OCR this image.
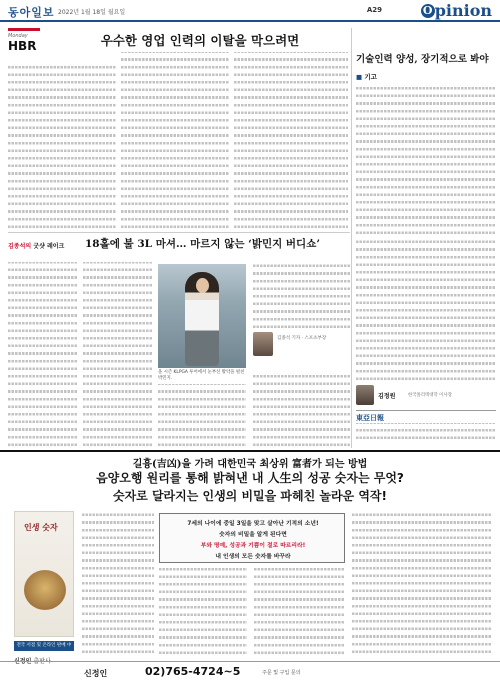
동아일보 2022년 1월 18일 월요일	A29	O pinion
Monday
HBR	우수한 영업 인력의 이탈을 막으려면
기술인력 양성, 장기적으로 봐야
■ 기고
김정원	한국폴리텍대학 이사장
東亞日報
김종석의 굿샷 레이크 18홀에 불 3L 마셔… 마르지 않는 ‘밝민지 버디쇼’
올 시즌 KLPGA 투어에서 눈부신 활약을 펼친 박민지.
김종석 기자 · 스포츠부장
길흉(吉凶)을 가려 대한민국 최상위 富者가 되는 방법
음양오행 원리를 통해 밝혀낸 내 人生의 성공 숫자는 무엇?
숫자로 달라지는 인생의 비밀을 파헤친 놀라운 역작!
인생 숫자
전국 서점 및 온라인 판매 中
신정인 출판사
7세의 나이에 중일 3일을 맞고 살아난 기적의 소년!
숫자의 비밀을 알게 된다면
부와 명예, 성공과 기쁨이 절로 따르리라!
내 인생의 모든 숫자를 바꾸라
신정인	02)765-4724~5	주문 및 구입 문의
